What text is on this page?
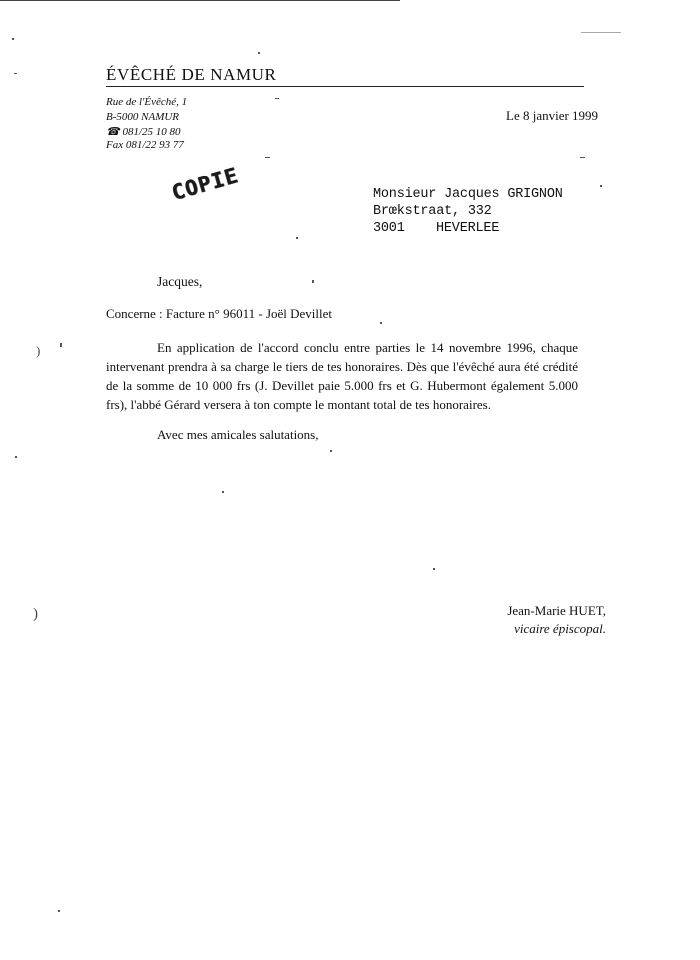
)
)
ÉVÊCHÉ DE NAMUR
Rue de l'Évêché, 1
B-5000 NAMUR
☎ 081/25 10 80
Fax 081/22 93 77
Le 8 janvier 1999
COPIE	Monsieur Jacques GRIGNON
Brœkstraat, 332
3001 HEVERLEE
Jacques,
Concerne : Facture n° 96011 - Joël Devillet
En application de l'accord conclu entre parties le 14 novembre 1996, chaque intervenant prendra à sa charge le tiers de tes honoraires. Dès que l'évêché aura été crédité de la somme de 10 000 frs (J. Devillet paie 5.000 frs et G. Hubermont également 5.000 frs), l'abbé Gérard versera à ton compte le montant total de tes honoraires.
Avec mes amicales salutations,
Jean-Marie HUET,
vicaire épiscopal.
